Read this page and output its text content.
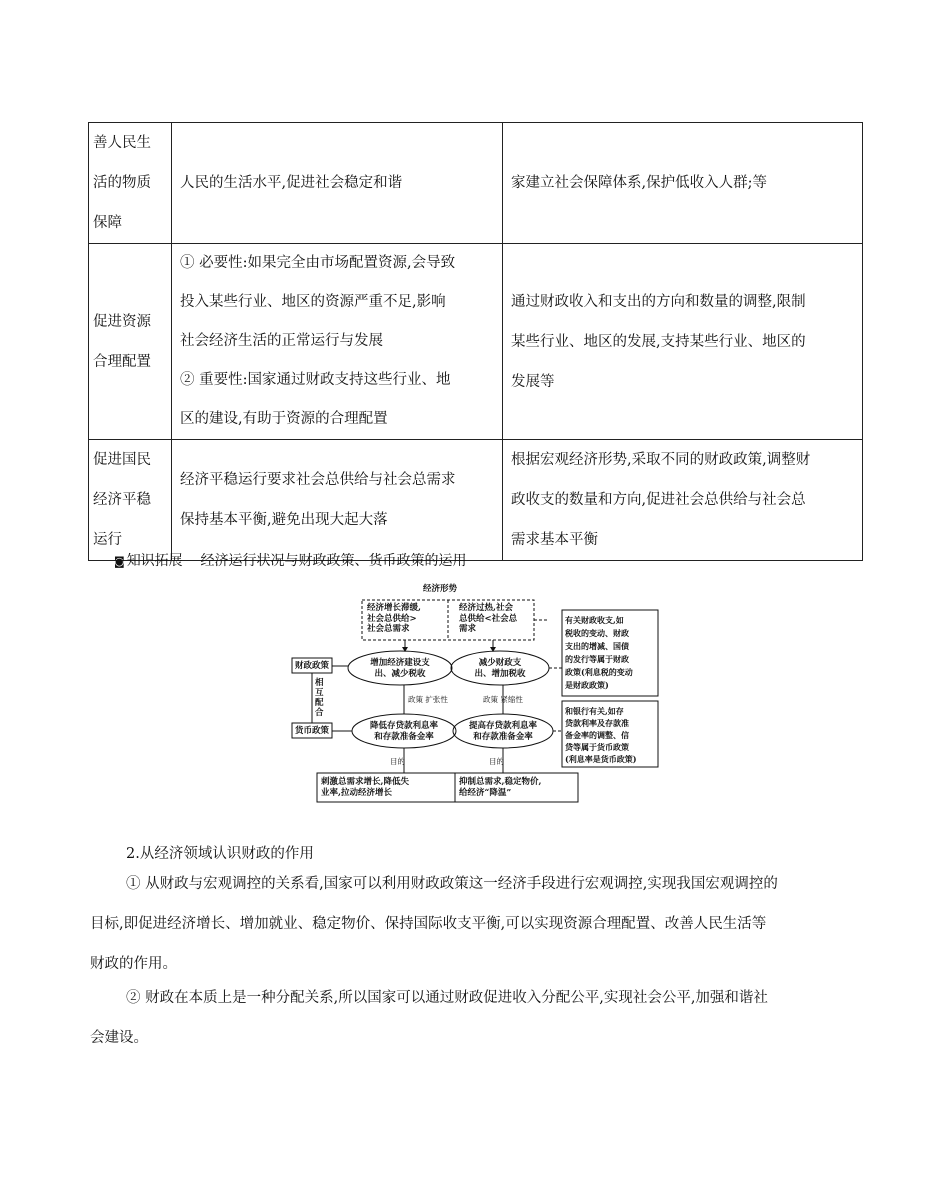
善人民生
活的物质
保障	人民的生活水平,促进社会稳定和谐	家建立社会保障体系,保护低收入人群;等

促进资源
合理配置	① 必要性:如果完全由市场配置资源,会导致
投入某些行业、地区的资源严重不足,影响
社会经济生活的正常运行与发展
② 重要性:国家通过财政支持这些行业、地
区的建设,有助于资源的合理配置	通过财政收入和支出的方向和数量的调整,限制
某些行业、地区的发展,支持某些行业、地区的
发展等

促进国民
经济平稳
运行	经济平稳运行要求社会总供给与社会总需求
保持基本平衡,避免出现大起大落	根据宏观经济形势,采取不同的财政政策,调整财
政收支的数量和方向,促进社会总供给与社会总
需求基本平衡
◙ 知识拓展 经济运行状况与财政政策、货币政策的运用
经济形势
经济增长滞缓,
社会总供给>
社会总需求
经济过热,社会
总供给<社会总
需求
财政政策
货币政策
相
互
配
合
增加经济建设支
出、减少税收
减少财政支
出、增加税收
政策 扩张性	政策 紧缩性
降低存贷款利息率
和存款准备金率
提高存贷款利息率
和存款准备金率
目的	目的
刺激总需求增长,降低失
业率,拉动经济增长
抑制总需求,稳定物价,
给经济“降温”
有关财政收支,如
税收的变动、财政
支出的增减、国债
的发行等属于财政
政策(利息税的变动
是财政政策)
和银行有关,如存
贷款利率及存款准
备金率的调整、信
贷等属于货币政策
(利息率是货币政策)
2.从经济领域认识财政的作用
① 从财政与宏观调控的关系看,国家可以利用财政政策这一经济手段进行宏观调控,实现我国宏观调控的
目标,即促进经济增长、增加就业、稳定物价、保持国际收支平衡,可以实现资源合理配置、改善人民生活等
财政的作用。
② 财政在本质上是一种分配关系,所以国家可以通过财政促进收入分配公平,实现社会公平,加强和谐社
会建设。
